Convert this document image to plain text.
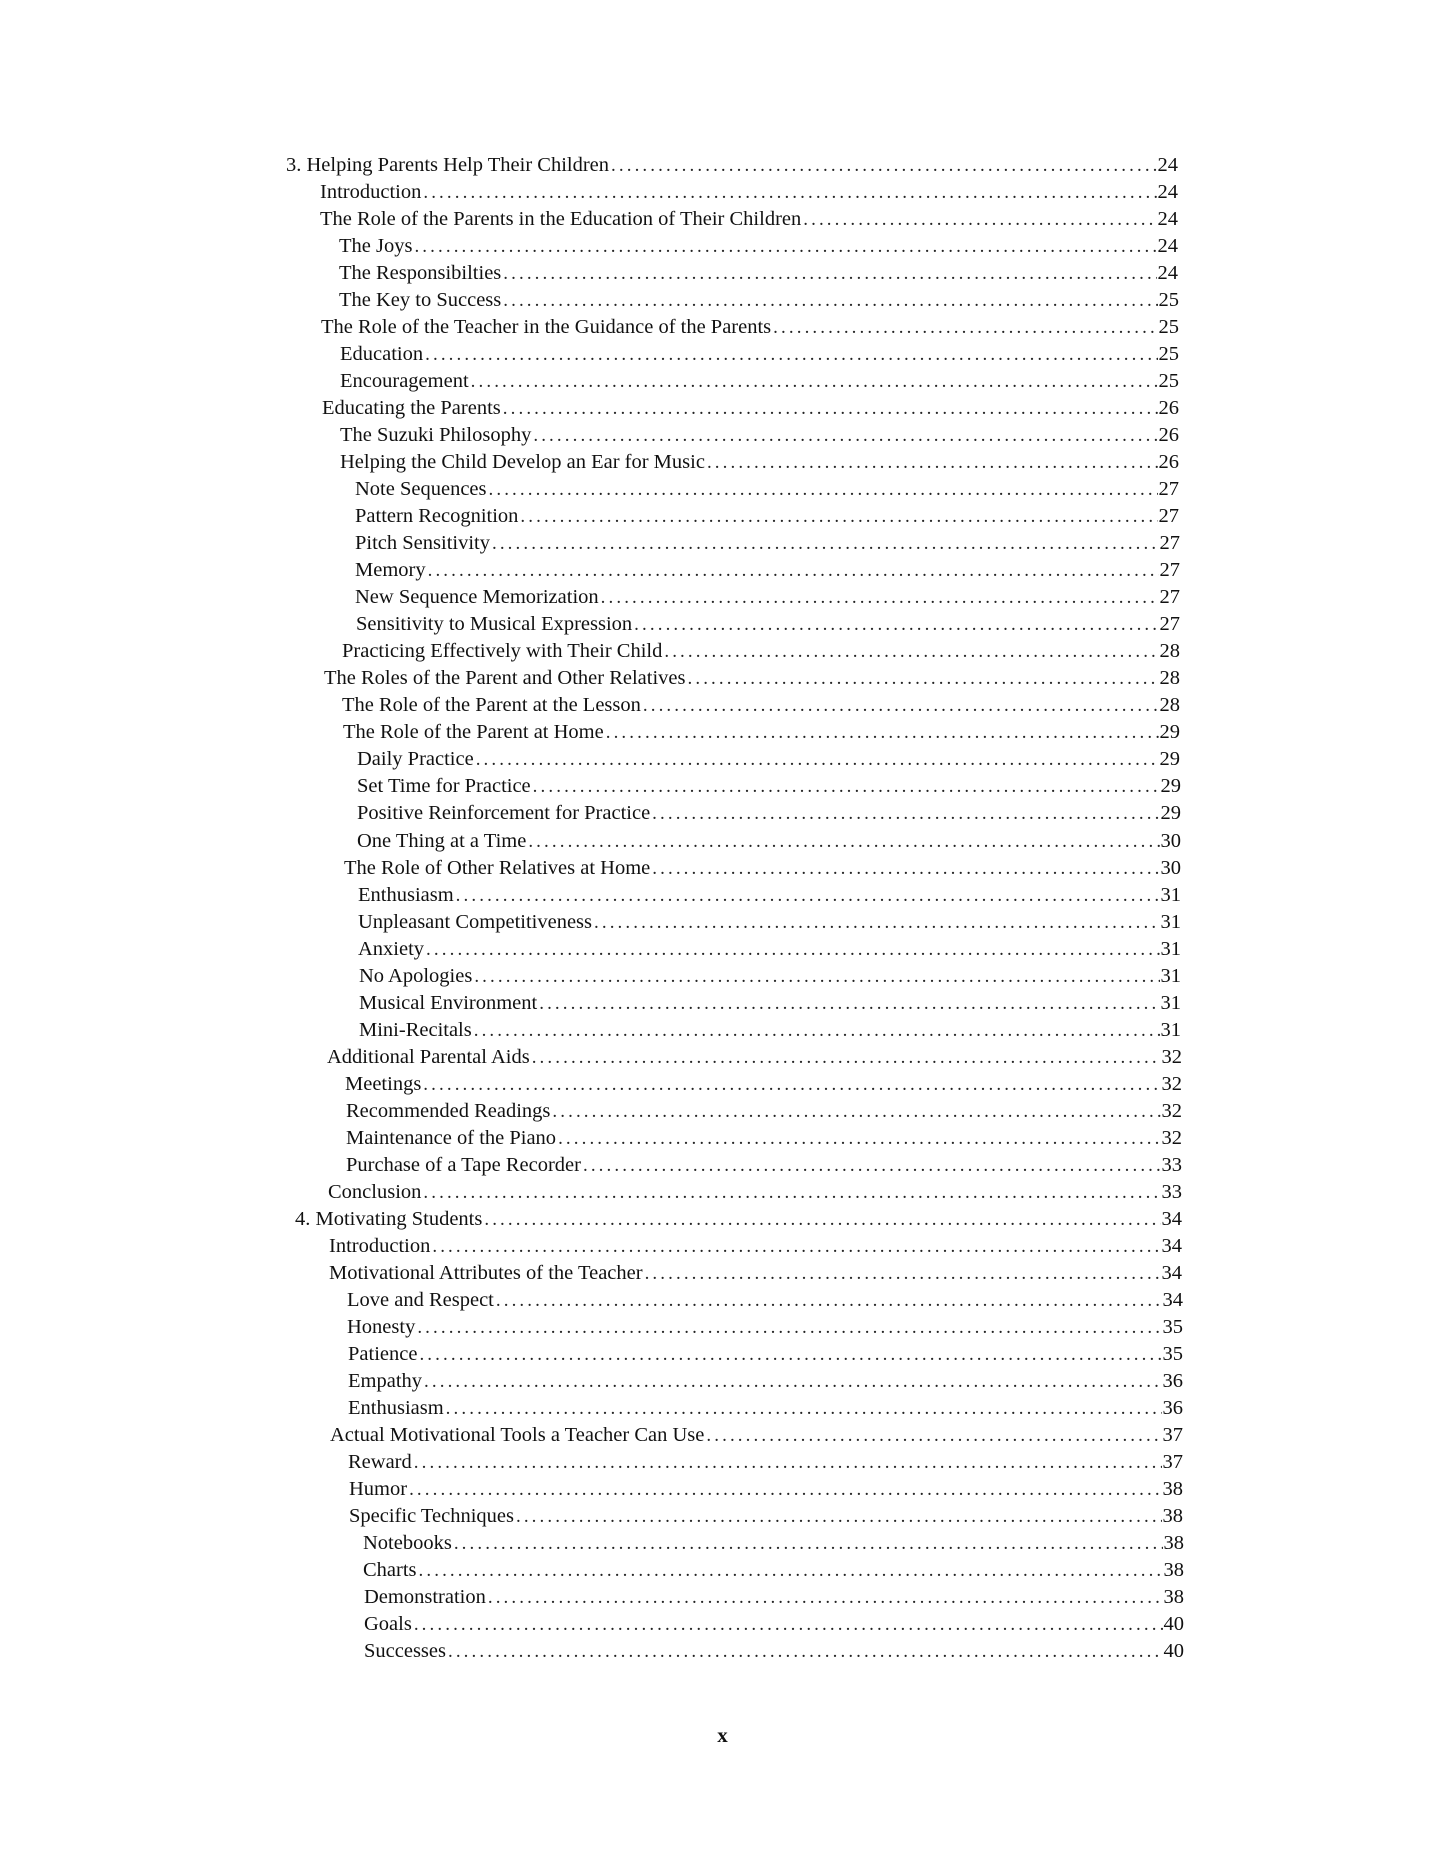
3. Helping Parents Help Their Children .....	24
Introduction .....	24
The Role of the Parents in the Education of Their Children .....	24
The Joys .....	24
The Responsibilties .....	24
The Key to Success .....	25
The Role of the Teacher in the Guidance of the Parents .....	25
Education .....	25
Encouragement .....	25
Educating the Parents .....	26
The Suzuki Philosophy .....	26
Helping the Child Develop an Ear for Music .....	26
Note Sequences .....	27
Pattern Recognition .....	27
Pitch Sensitivity .....	27
Memory .....	27
New Sequence Memorization .....	27
Sensitivity to Musical Expression .....	27
Practicing Effectively with Their Child .....	28
The Roles of the Parent and Other Relatives .....	28
The Role of the Parent at the Lesson .....	28
The Role of the Parent at Home .....	29
Daily Practice .....	29
Set Time for Practice .....	29
Positive Reinforcement for Practice .....	29
One Thing at a Time .....	30
The Role of Other Relatives at Home .....	30
Enthusiasm .....	31
Unpleasant Competitiveness .....	31
Anxiety .....	31
No Apologies .....	31
Musical Environment .....	31
Mini-Recitals .....	31
Additional Parental Aids .....	32
Meetings .....	32
Recommended Readings .....	32
Maintenance of the Piano .....	32
Purchase of a Tape Recorder .....	33
Conclusion .....	33
4. Motivating Students .....	34
Introduction .....	34
Motivational Attributes of the Teacher .....	34
Love and Respect .....	34
Honesty .....	35
Patience .....	35
Empathy .....	36
Enthusiasm .....	36
Actual Motivational Tools a Teacher Can Use .....	37
Reward .....	37
Humor .....	38
Specific Techniques .....	38
Notebooks .....	38
Charts .....	38
Demonstration .....	38
Goals .....	40
Successes .....	40
x
